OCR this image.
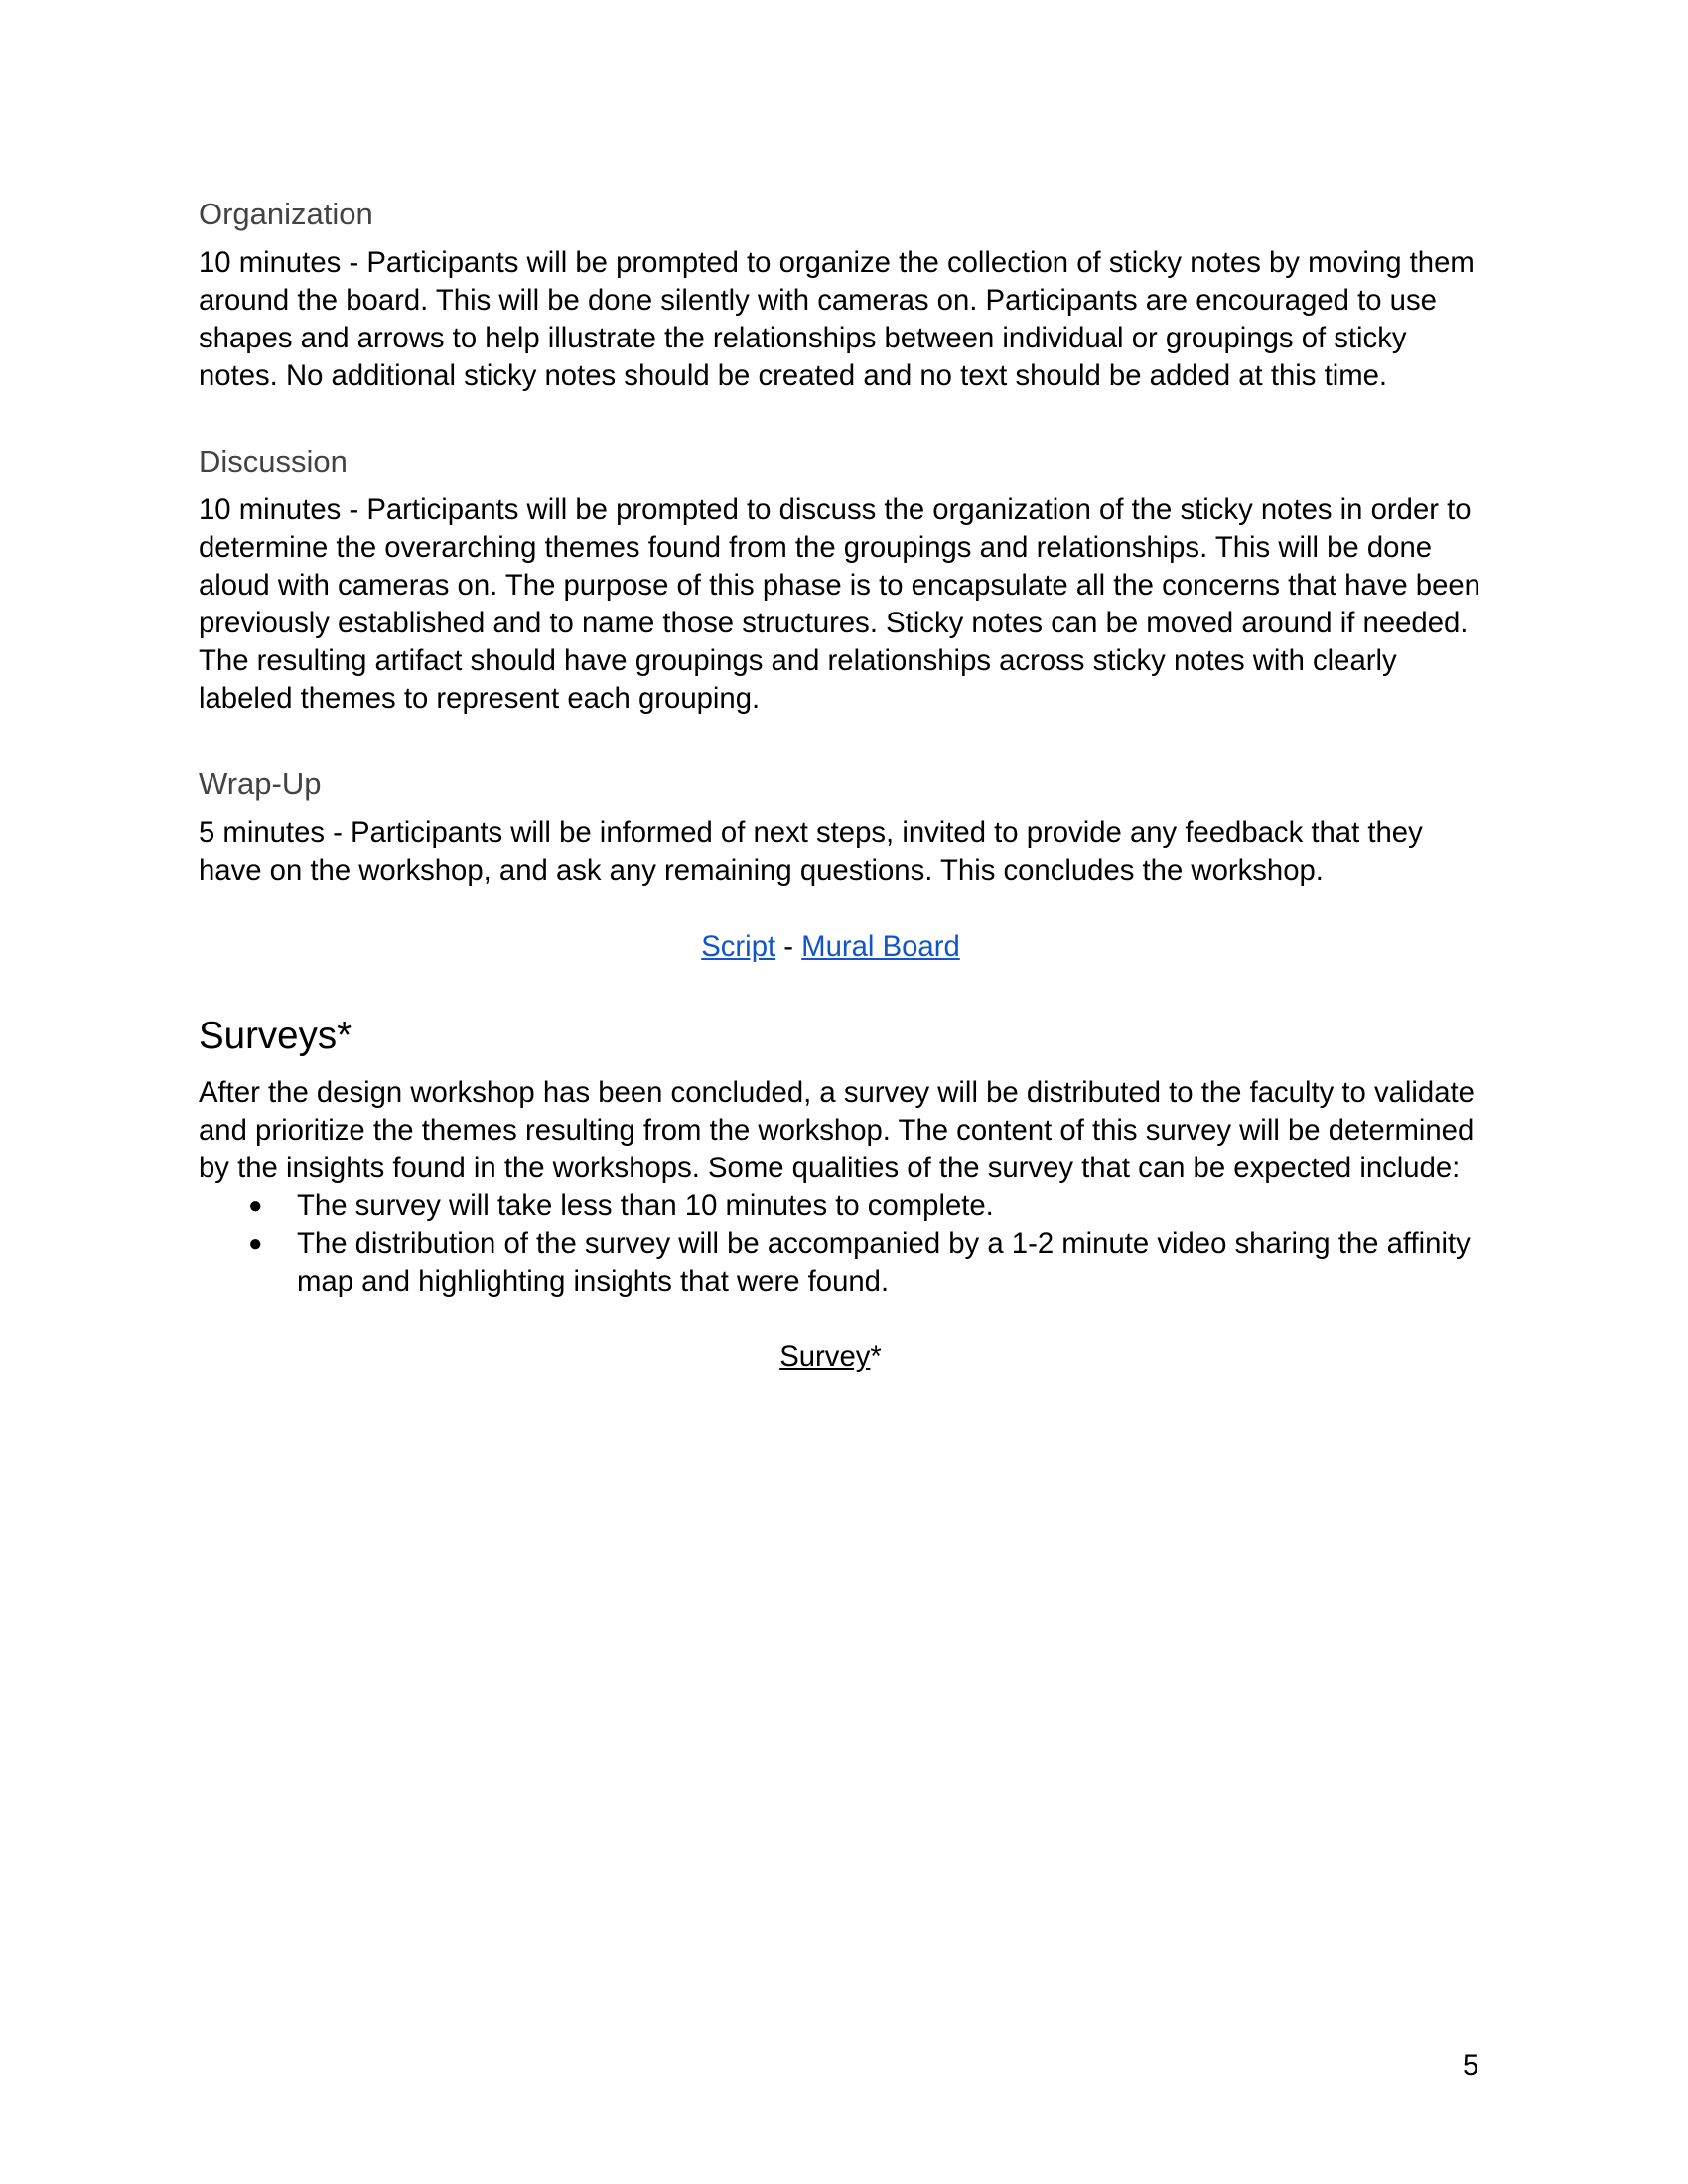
Organization

10 minutes - Participants will be prompted to organize the collection of sticky notes by moving them around the board. This will be done silently with cameras on. Participants are encouraged to use shapes and arrows to help illustrate the relationships between individual or groupings of sticky notes. No additional sticky notes should be created and no text should be added at this time.

Discussion

10 minutes - Participants will be prompted to discuss the organization of the sticky notes in order to determine the overarching themes found from the groupings and relationships. This will be done aloud with cameras on. The purpose of this phase is to encapsulate all the concerns that have been previously established and to name those structures. Sticky notes can be moved around if needed. The resulting artifact should have groupings and relationships across sticky notes with clearly labeled themes to represent each grouping.

Wrap-Up

5 minutes - Participants will be informed of next steps, invited to provide any feedback that they have on the workshop, and ask any remaining questions. This concludes the workshop.

Script - Mural Board
Surveys*

After the design workshop has been concluded, a survey will be distributed to the faculty to validate and prioritize the themes resulting from the workshop. The content of this survey will be determined by the insights found in the workshops. Some qualities of the survey that can be expected include:

● The survey will take less than 10 minutes to complete.
● The distribution of the survey will be accompanied by a 1-2 minute video sharing the affinity map and highlighting insights that were found.
Survey*
5
